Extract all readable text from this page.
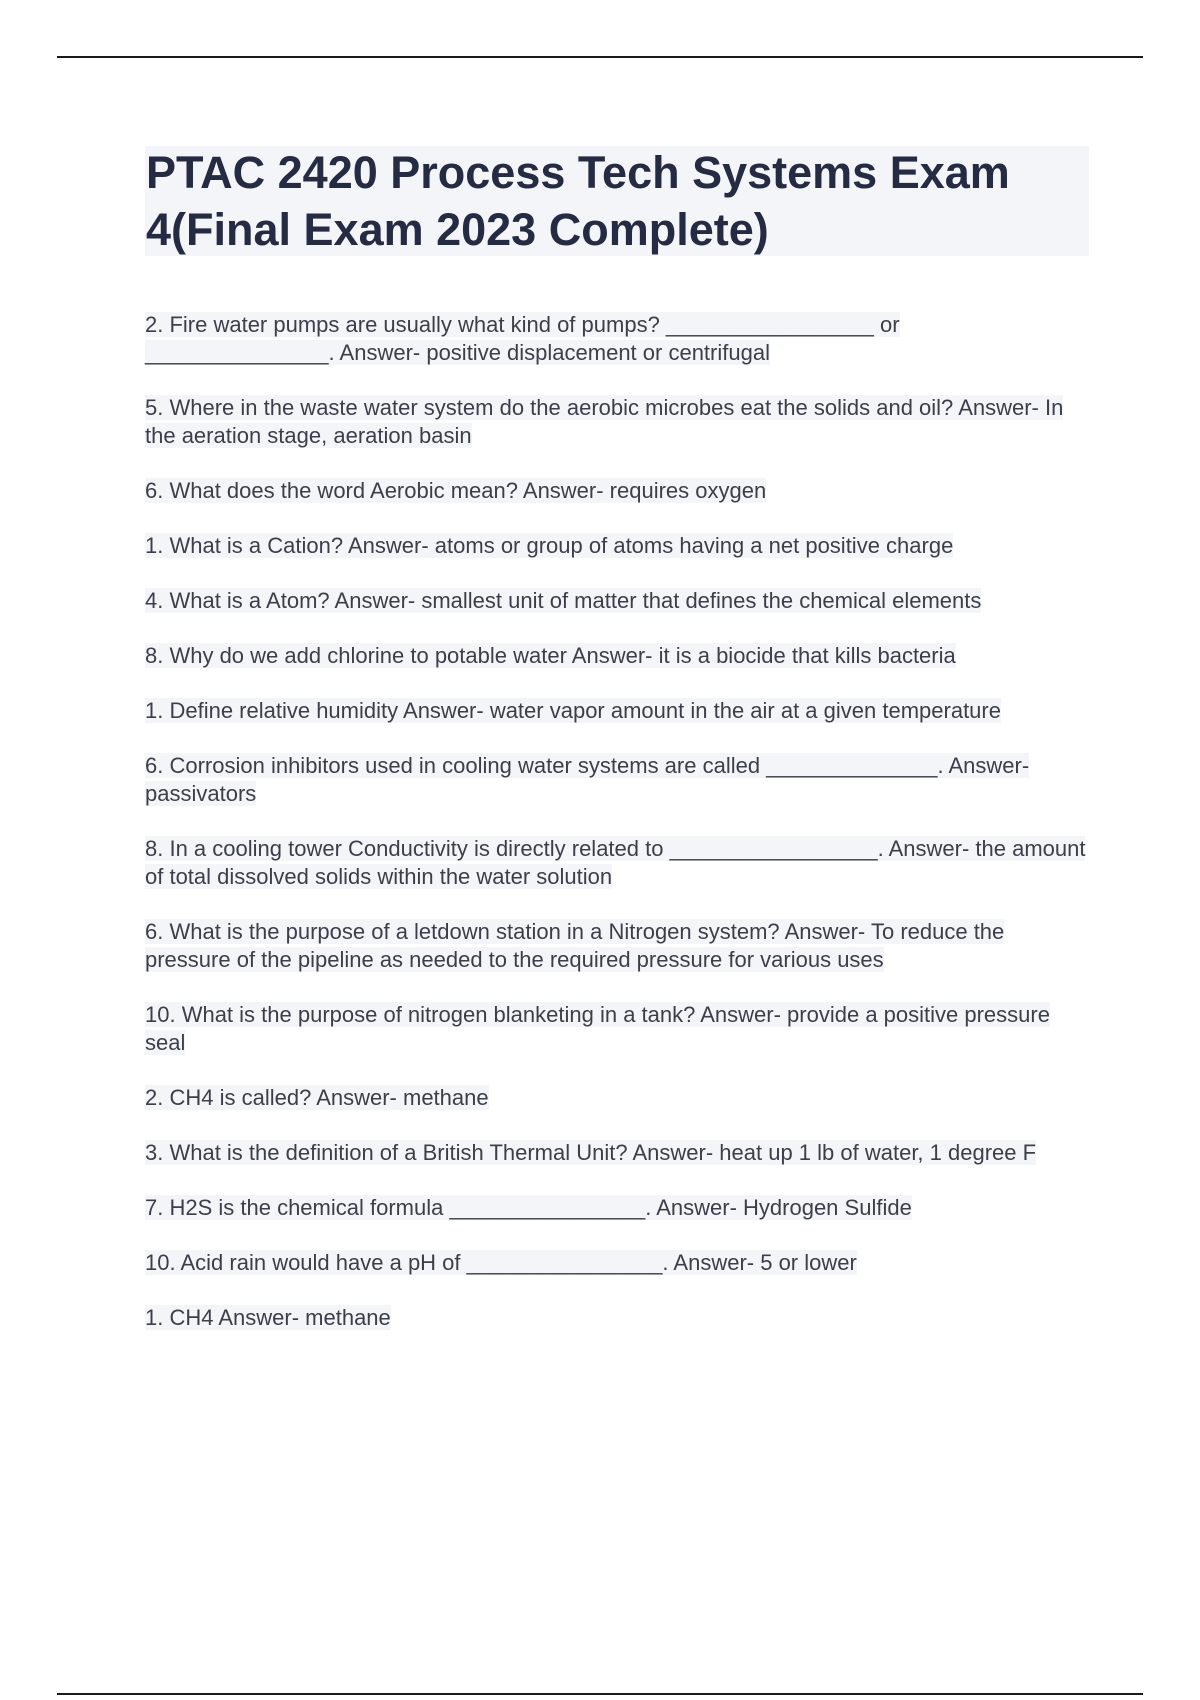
PTAC 2420 Process Tech Systems Exam 4(Final Exam 2023 Complete)
2. Fire water pumps are usually what kind of pumps? _________________ or _______________. Answer- positive displacement or centrifugal
5. Where in the waste water system do the aerobic microbes eat the solids and oil? Answer- In the aeration stage, aeration basin
6. What does the word Aerobic mean? Answer- requires oxygen
1. What is a Cation? Answer- atoms or group of atoms having a net positive charge
4. What is a Atom? Answer- smallest unit of matter that defines the chemical elements
8. Why do we add chlorine to potable water Answer- it is a biocide that kills bacteria
1. Define relative humidity Answer- water vapor amount in the air at a given temperature
6. Corrosion inhibitors used in cooling water systems are called ______________. Answer- passivators
8. In a cooling tower Conductivity is directly related to _________________. Answer- the amount of total dissolved solids within the water solution
6. What is the purpose of a letdown station in a Nitrogen system? Answer- To reduce the pressure of the pipeline as needed to the required pressure for various uses
10. What is the purpose of nitrogen blanketing in a tank? Answer- provide a positive pressure seal
2. CH4 is called? Answer- methane
3. What is the definition of a British Thermal Unit? Answer- heat up 1 lb of water, 1 degree F
7. H2S is the chemical formula ________________. Answer- Hydrogen Sulfide
10. Acid rain would have a pH of ________________. Answer- 5 or lower
1. CH4 Answer- methane
